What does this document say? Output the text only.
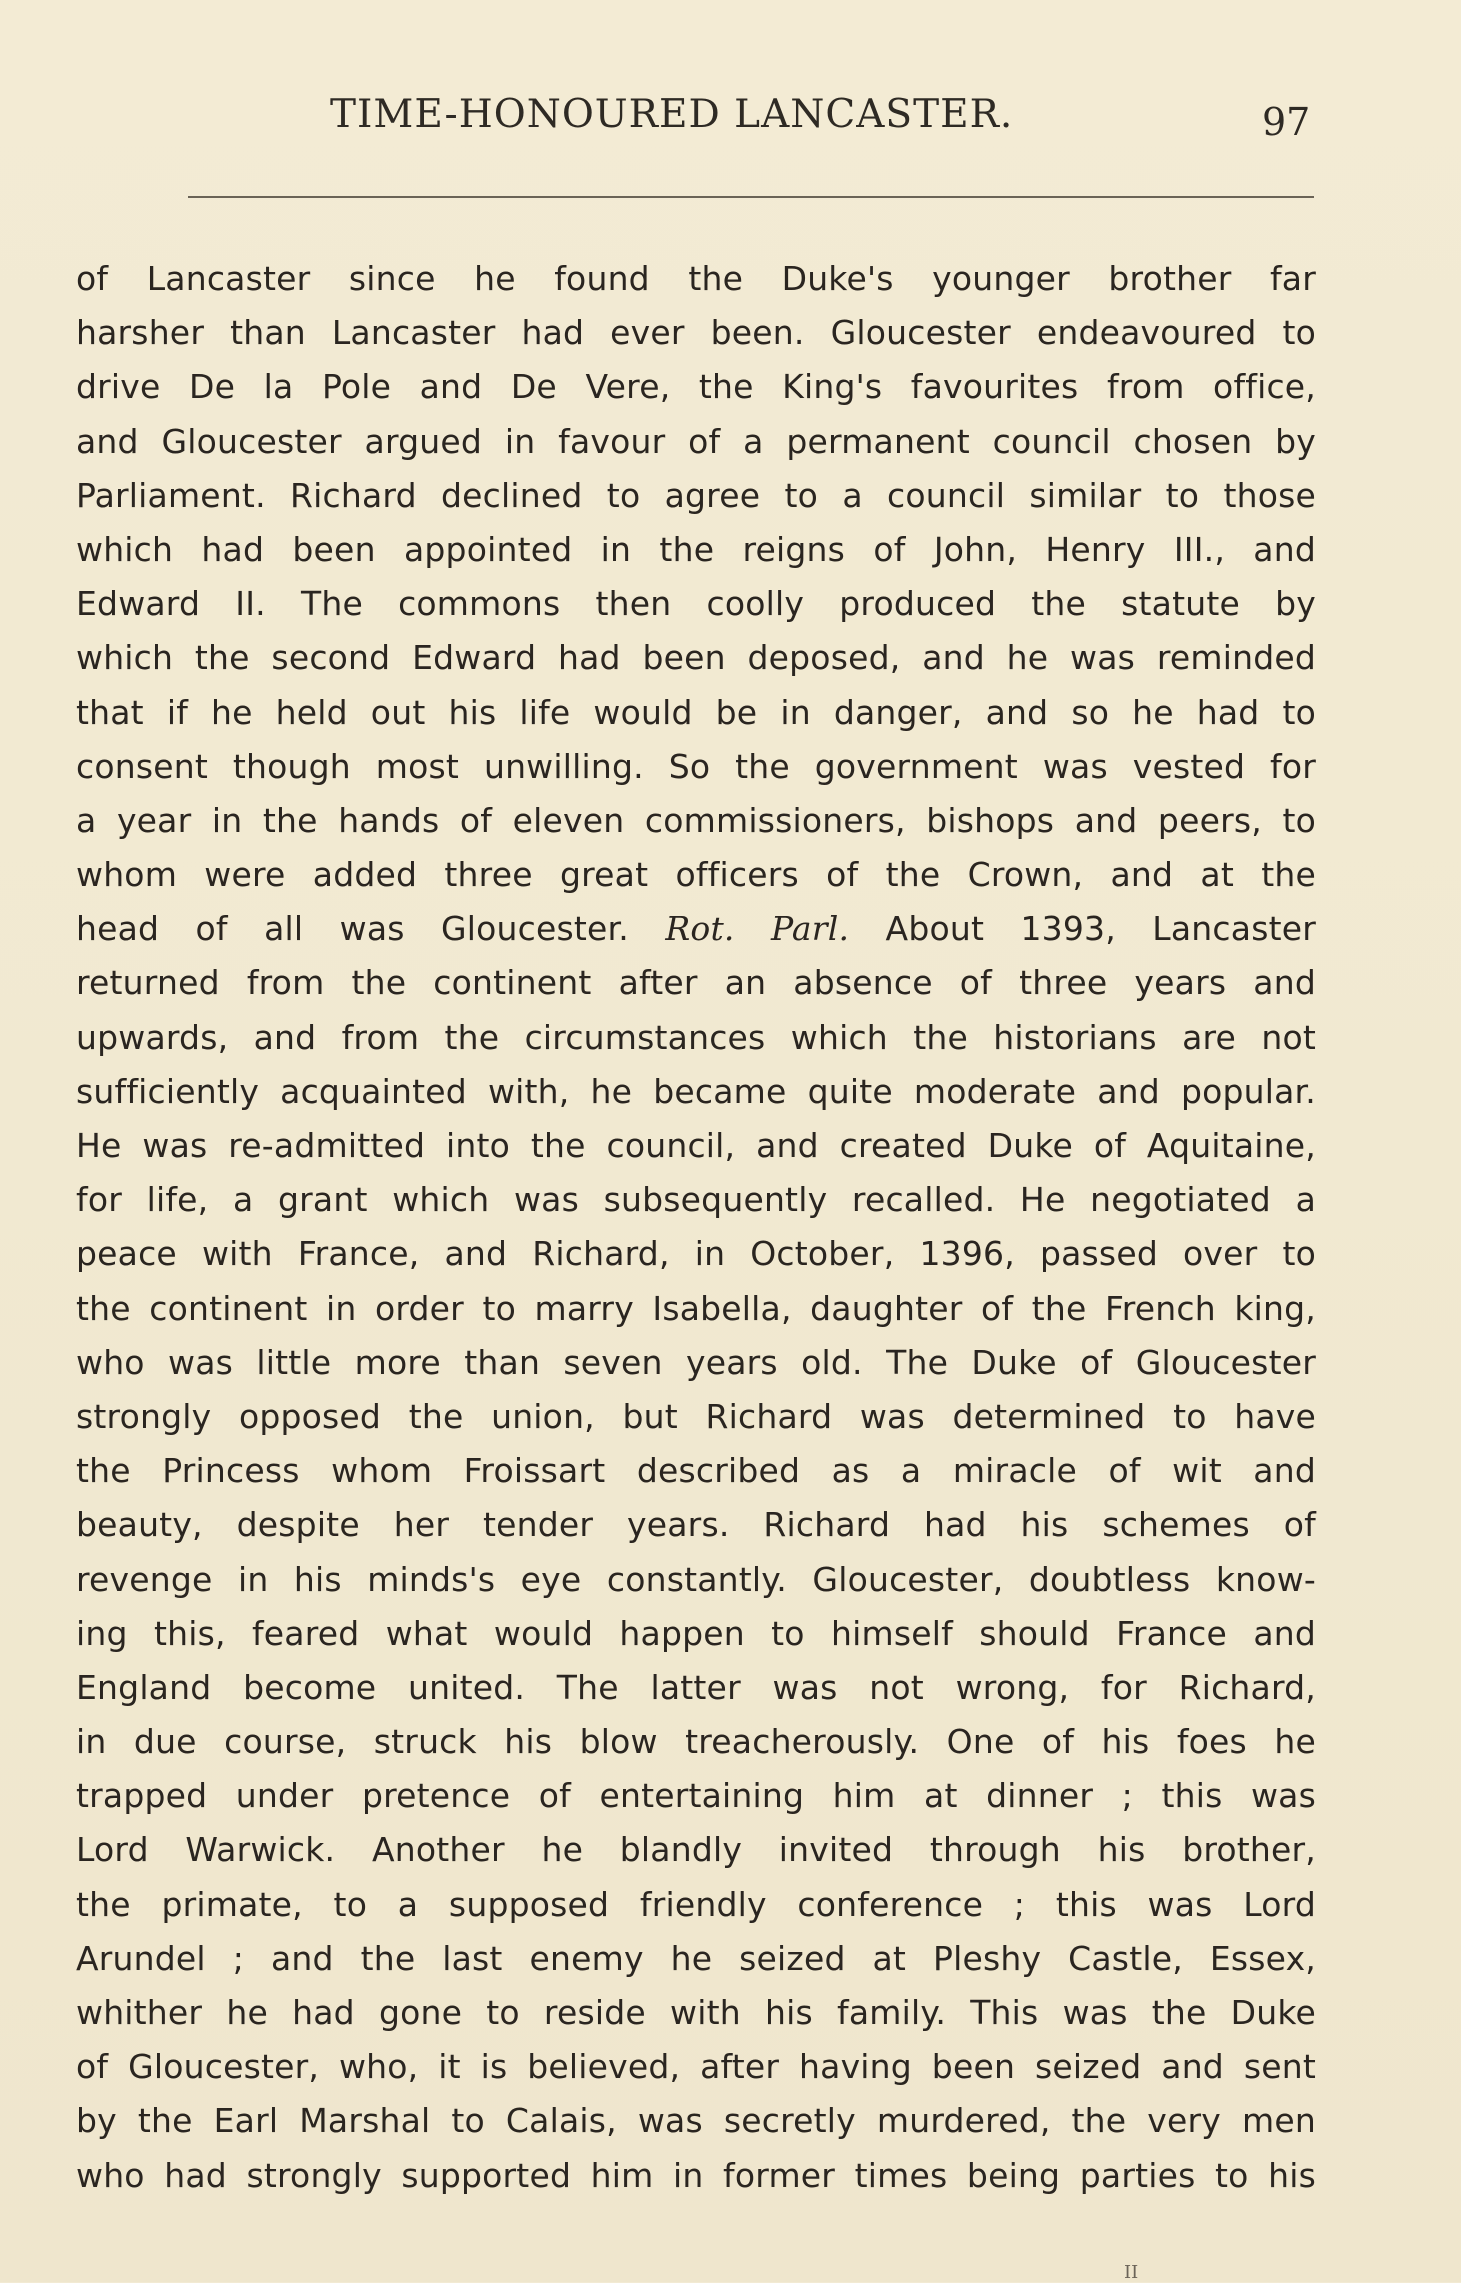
TIME-HONOURED LANCASTER.	97
of Lancaster since he found the Duke's younger brother far
harsher than Lancaster had ever been. Gloucester endeavoured to
drive De la Pole and De Vere, the King's favourites from office,
and Gloucester argued in favour of a permanent council chosen by
Parliament. Richard declined to agree to a council similar to those
which had been appointed in the reigns of John, Henry III., and
Edward II. The commons then coolly produced the statute by
which the second Edward had been deposed, and he was reminded
that if he held out his life would be in danger, and so he had to
consent though most unwilling. So the government was vested for
a year in the hands of eleven commissioners, bishops and peers, to
whom were added three great officers of the Crown, and at the
head of all was Gloucester. Rot. Parl. About 1393, Lancaster
returned from the continent after an absence of three years and
upwards, and from the circumstances which the historians are not
sufficiently acquainted with, he became quite moderate and popular.
He was re-admitted into the council, and created Duke of Aquitaine,
for life, a grant which was subsequently recalled. He negotiated a
peace with France, and Richard, in October, 1396, passed over to
the continent in order to marry Isabella, daughter of the French king,
who was little more than seven years old. The Duke of Gloucester
strongly opposed the union, but Richard was determined to have
the Princess whom Froissart described as a miracle of wit and
beauty, despite her tender years. Richard had his schemes of
revenge in his minds's eye constantly. Gloucester, doubtless know-
ing this, feared what would happen to himself should France and
England become united. The latter was not wrong, for Richard,
in due course, struck his blow treacherously. One of his foes he
trapped under pretence of entertaining him at dinner ; this was
Lord Warwick. Another he blandly invited through his brother,
the primate, to a supposed friendly conference ; this was Lord
Arundel ; and the last enemy he seized at Pleshy Castle, Essex,
whither he had gone to reside with his family. This was the Duke
of Gloucester, who, it is believed, after having been seized and sent
by the Earl Marshal to Calais, was secretly murdered, the very men
who had strongly supported him in former times being parties to his
II
